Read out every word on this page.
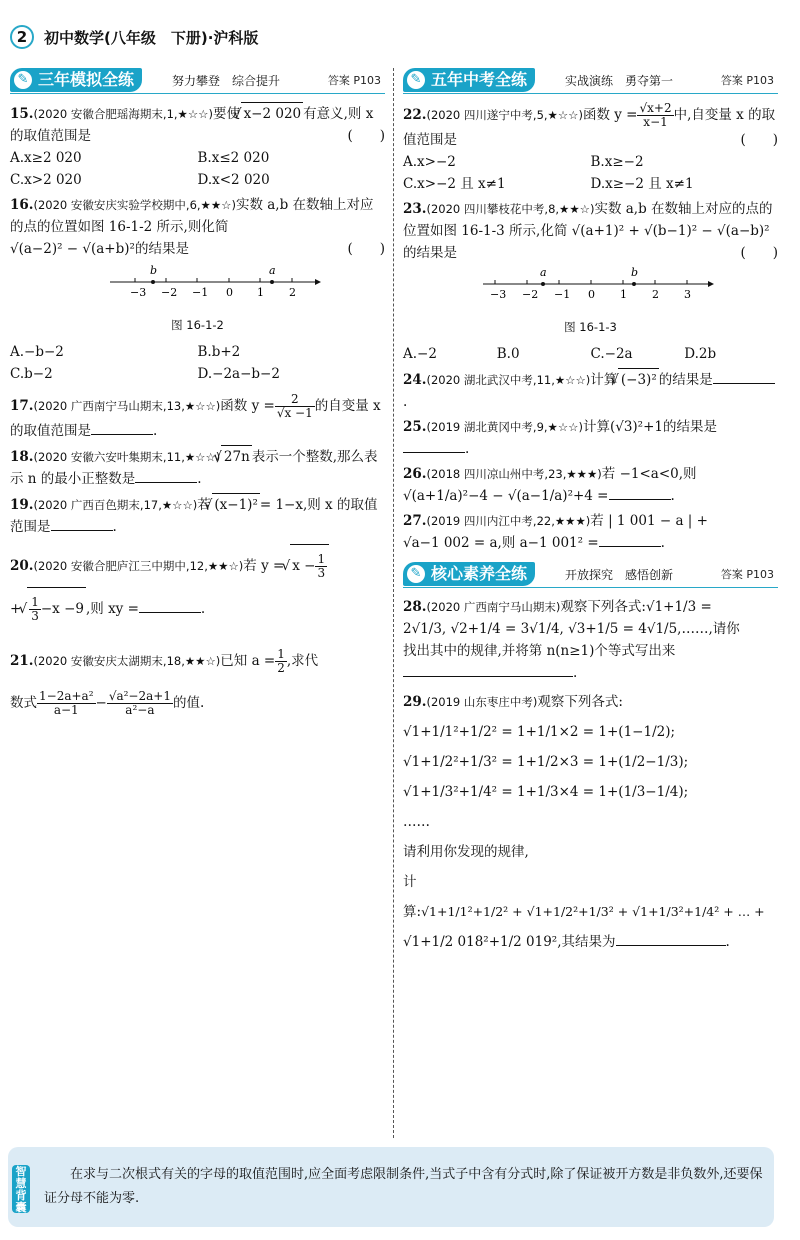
2	初中数学(八年级　下册)·沪科版
✎ 三年模拟全练	努力攀登　综合提升	答案 P103
15.(2020 安徽合肥瑶海期末,1,★☆☆)要使 √ x−2 020 有意义,则 x 的取值范围是	(　　)
A.x≥2 020	B.x≤2 020
C.x>2 020	D.x<2 020
16.(2020 安徽安庆实验学校期中,6,★★☆)实数 a,b 在数轴上对应的点的位置如图 16-1-2 所示,则化简
√(a−2)² − √(a+b)²的结果是	(　　)

−3 −2 −1 0 1 2
b	a
图 16-1-2
A.−b−2	B.b+2
C.b−2	D.−2a−b−2
17.(2020 广西南宁马山期末,13,★☆☆)函数 $y = \frac{2}{√x -1}$ 的自变量 x 的取值范围是	.
18.(2020 安徽六安叶集期末,11,★☆☆) √ 27n 表示一个整数,那么表示 n 的最小正整数是	.
19.(2020 广西百色期末,17,★☆☆)若 √ (x−1)² = 1−x,则 x 的取值范围是	.
20.(2020 安徽合肥庐江三中期中,12,★★☆)若 y = √ $x - \frac{1}{3}$

+ √ $\frac{1}{3} -x -9$ ,则 xy =	.
21.(2020 安徽安庆太湖期末,18,★★☆)已知 $a = \frac{1}{2}$ ,求代
数式 $\frac{\text{1−2a+a²}}{a-1} - \frac{\text{√a²−2a+1}}{\text{a²−a}}$ 的值.
✎ 五年中考全练	实战演练　勇夺第一	答案 P103
22.(2020 四川遂宁中考,5,★☆☆)函数 $y = \frac{√x+2}{x-1}$ 中,自变量 x 的取值范围是	(　　)
A.x>−2	B.x≥−2
C.x>−2 且 x≠1	D.x≥−2 且 x≠1
23.(2020 四川攀枝花中考,8,★★☆)实数 a,b 在数轴上对应的点的位置如图 16-1-3 所示,化简 √(a+1)² + √(b−1)² − √(a−b)²的结果是	(　　)

−3 −2 −1 0 1 2 3
a	b
图 16-1-3
A.−2	B.0	C.−2a	D.2b
24.(2020 湖北武汉中考,11,★☆☆)计算 √ (−3)² 的结果是.
25.(2019 湖北黄冈中考,9,★☆☆)计算(√3)²+1的结果是.
26.(2018 四川凉山州中考,23,★★★)若 −1<a<0,则
√(a+1/a)²−4 − √(a−1/a)²+4 =	.
27.(2019 四川内江中考,22,★★★)若 | 1 001 − a | +
√a−1 002 = a,则 a−1 001² =	.
✎ 核心素养全练	开放探究　感悟创新	答案 P103
28.(2020 广西南宁马山期末)观察下列各式:√1+1/3 =
2√1/3, √2+1/4 = 3√1/4, √3+1/5 = 4√1/5,……,请你
找出其中的规律,并将第 n(n≥1)个等式写出来
.
29.(2019 山东枣庄中考)观察下列各式:
√1+1/1²+1/2² = 1+1/1×2 = 1+(1−1/2);
√1+1/2²+1/3² = 1+1/2×3 = 1+(1/2−1/3);
√1+1/3²+1/4² = 1+1/3×4 = 1+(1/3−1/4);
……
请利用你发现的规律,
计算:√1+1/1²+1/2² + √1+1/2²+1/3² + √1+1/3²+1/4² + … +
√1+1/2 018²+1/2 019²,其结果为	.
智慧背囊
在求与二次根式有关的字母的取值范围时,应全面考虑限制条件,当式子中含有分式时,除了保证被开方数是非负数外,还要保证分母不能为零.
